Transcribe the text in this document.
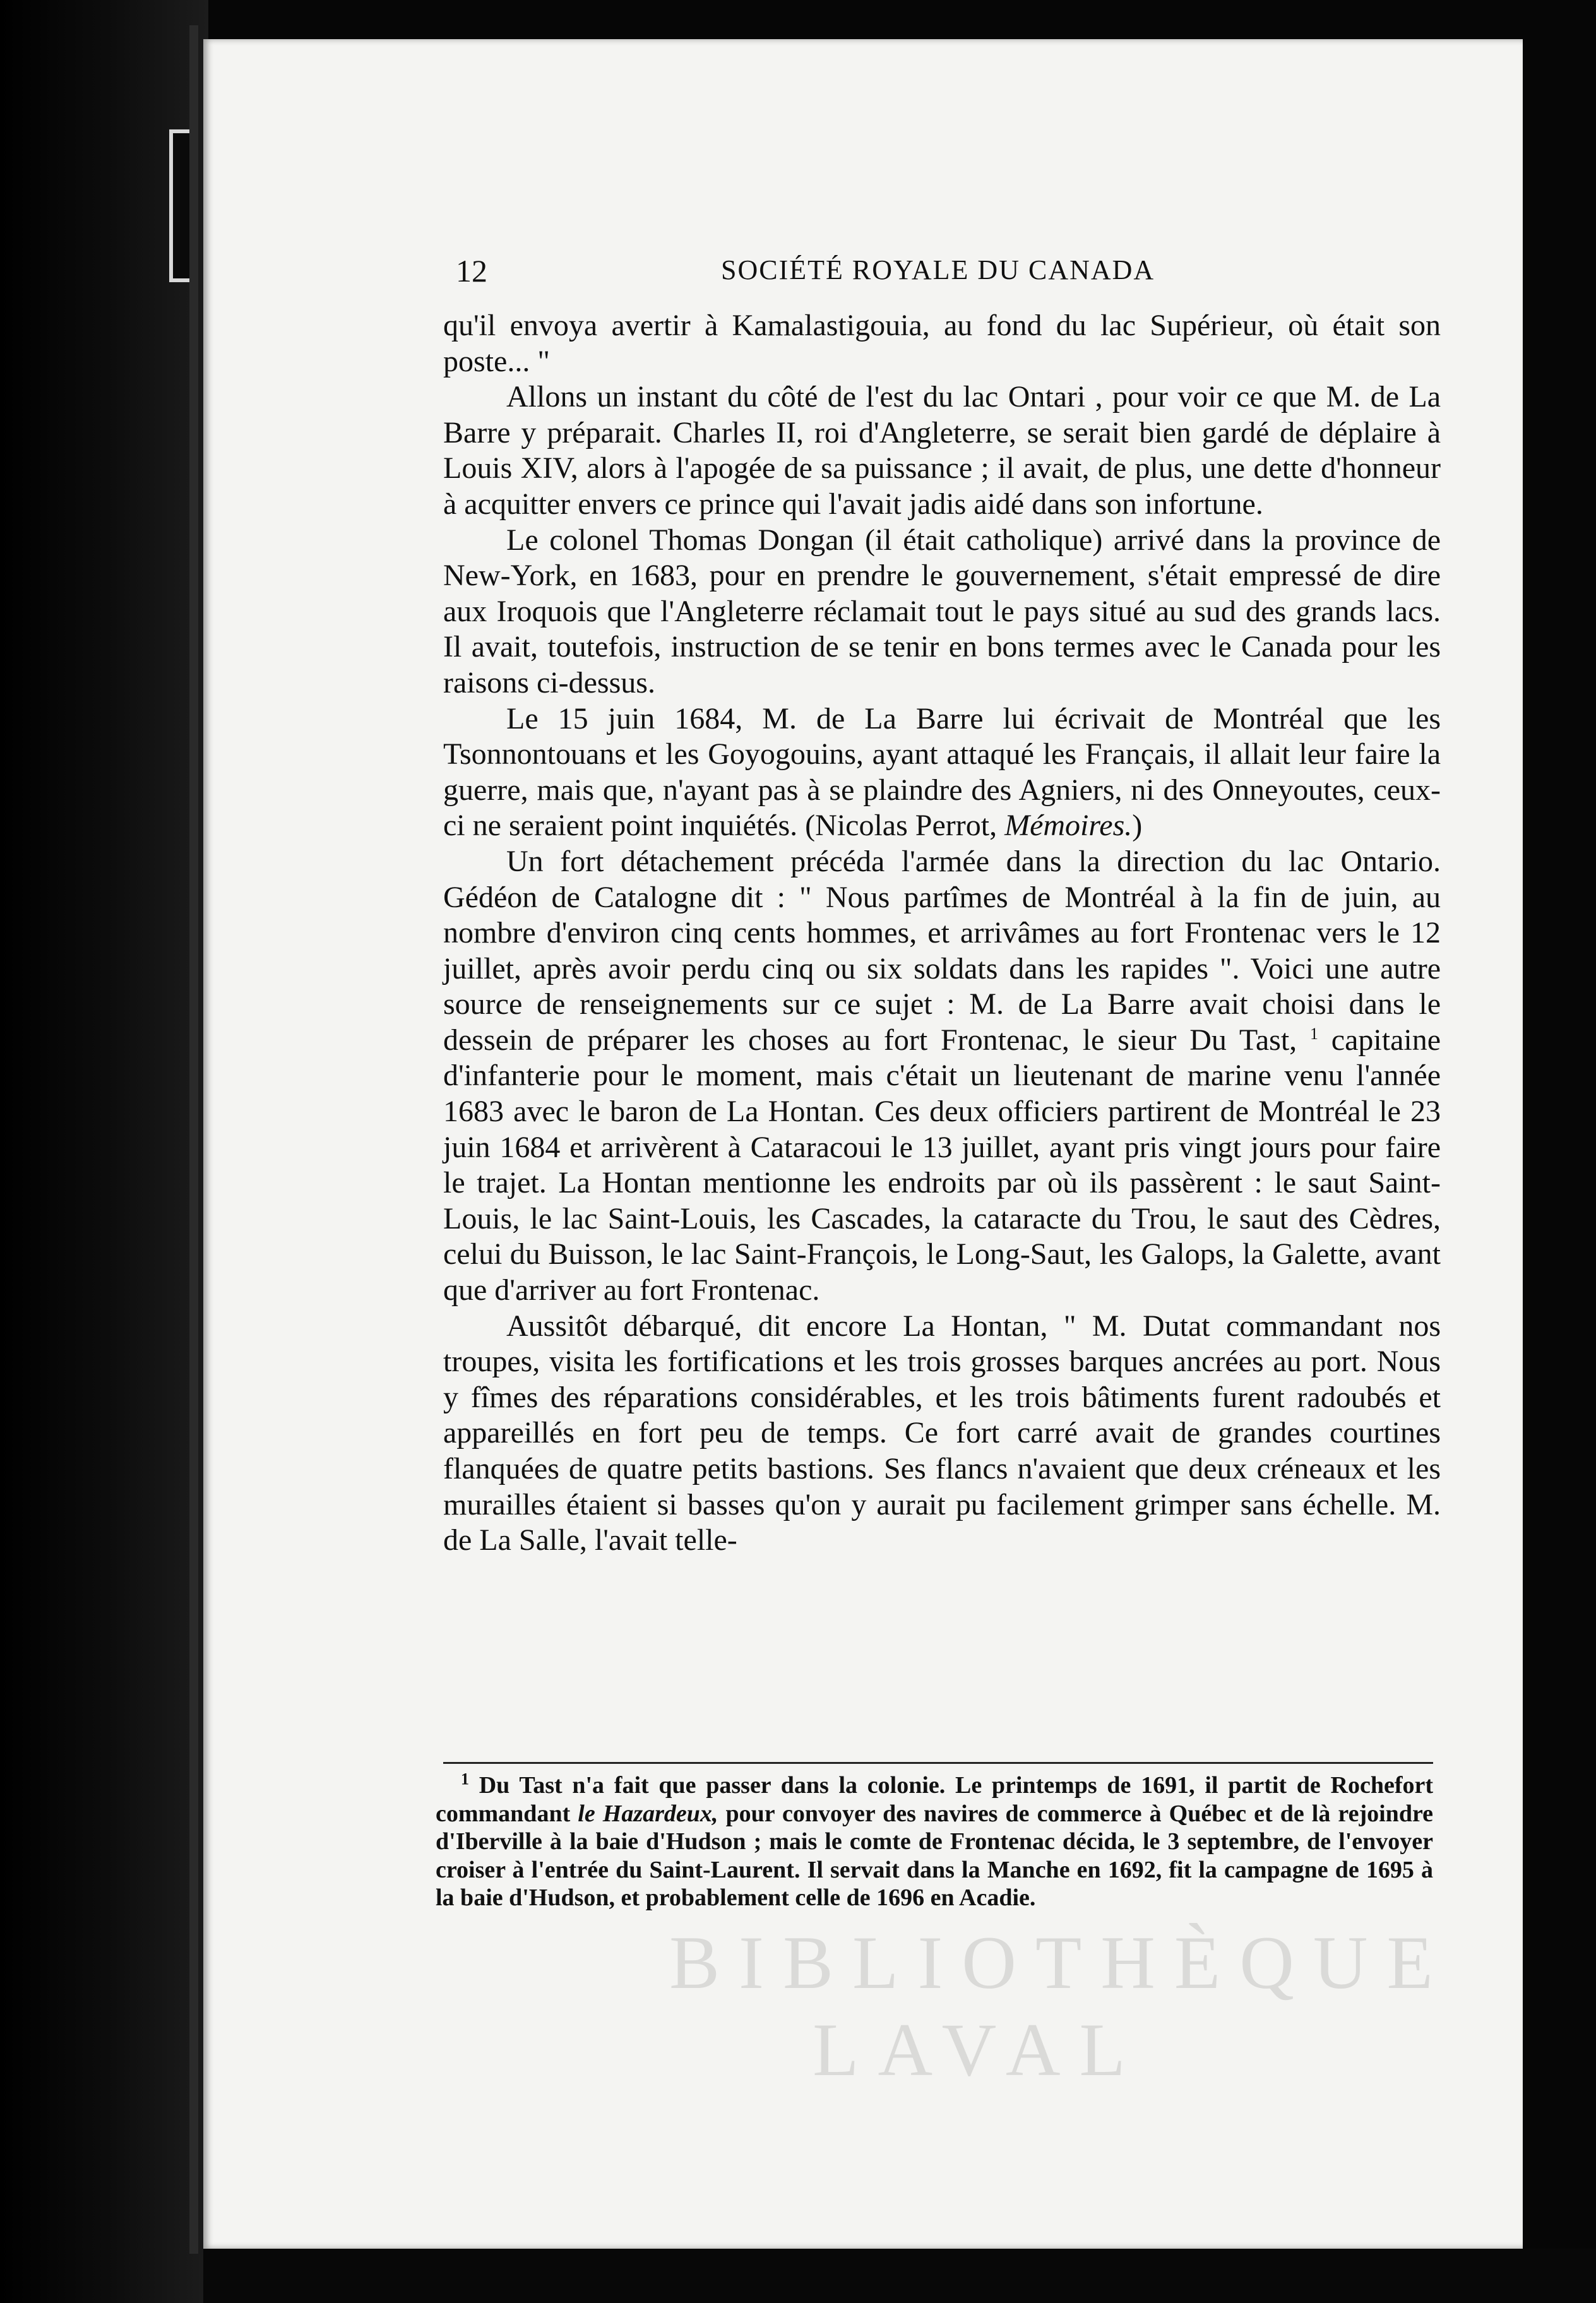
12	SOCIÉTÉ ROYALE DU CANADA

qu'il envoya avertir à Kamalastigouia, au fond du lac Supérieur, où était son poste... "

Allons un instant du côté de l'est du lac Ontari , pour voir ce que M. de La Barre y préparait. Charles II, roi d'Angleterre, se serait bien gardé de déplaire à Louis XIV, alors à l'apogée de sa puissance ; il avait, de plus, une dette d'honneur à acquitter envers ce prince qui l'avait jadis aidé dans son infortune.

Le colonel Thomas Dongan (il était catholique) arrivé dans la province de New-York, en 1683, pour en prendre le gouvernement, s'était empressé de dire aux Iroquois que l'Angleterre réclamait tout le pays situé au sud des grands lacs. Il avait, toutefois, instruction de se tenir en bons termes avec le Canada pour les raisons ci-dessus.

Le 15 juin 1684, M. de La Barre lui écrivait de Montréal que les Tsonnontouans et les Goyogouins, ayant attaqué les Français, il allait leur faire la guerre, mais que, n'ayant pas à se plaindre des Agniers, ni des Onneyoutes, ceux-ci ne seraient point inquiétés. (Nicolas Perrot, Mémoires.)

Un fort détachement précéda l'armée dans la direction du lac Ontario. Gédéon de Catalogne dit : " Nous partîmes de Montréal à la fin de juin, au nombre d'environ cinq cents hommes, et arrivâmes au fort Frontenac vers le 12 juillet, après avoir perdu cinq ou six soldats dans les rapides ". Voici une autre source de renseignements sur ce sujet : M. de La Barre avait choisi dans le dessein de préparer les choses au fort Frontenac, le sieur Du Tast, $^1$ capitaine d'infanterie pour le moment, mais c'était un lieutenant de marine venu l'année 1683 avec le baron de La Hontan. Ces deux officiers partirent de Montréal le 23 juin 1684 et arrivèrent à Cataracoui le 13 juillet, ayant pris vingt jours pour faire le trajet. La Hontan mentionne les endroits par où ils passèrent : le saut Saint-Louis, le lac Saint-Louis, les Cascades, la cataracte du Trou, le saut des Cèdres, celui du Buisson, le lac Saint-François, le Long-Saut, les Galops, la Galette, avant que d'arriver au fort Frontenac.

Aussitôt débarqué, dit encore La Hontan, " M. Dutat commandant nos troupes, visita les fortifications et les trois grosses barques ancrées au port. Nous y fîmes des réparations considérables, et les trois bâtiments furent radoubés et appareillés en fort peu de temps. Ce fort carré avait de grandes courtines flanquées de quatre petits bastions. Ses flancs n'avaient que deux créneaux et les murailles étaient si basses qu'on y aurait pu facilement grimper sans échelle. M. de La Salle, l'avait telle-

$^1$ Du Tast n'a fait que passer dans la colonie. Le printemps de 1691, il partit de Rochefort commandant le Hazardeux, pour convoyer des navires de commerce à Québec et de là rejoindre d'Iberville à la baie d'Hudson ; mais le comte de Frontenac décida, le 3 septembre, de l'envoyer croiser à l'entrée du Saint-Laurent. Il servait dans la Manche en 1692, fit la campagne de 1695 à la baie d'Hudson, et probablement celle de 1696 en Acadie.

BIBLIOTHÈQUE
LAVAL
